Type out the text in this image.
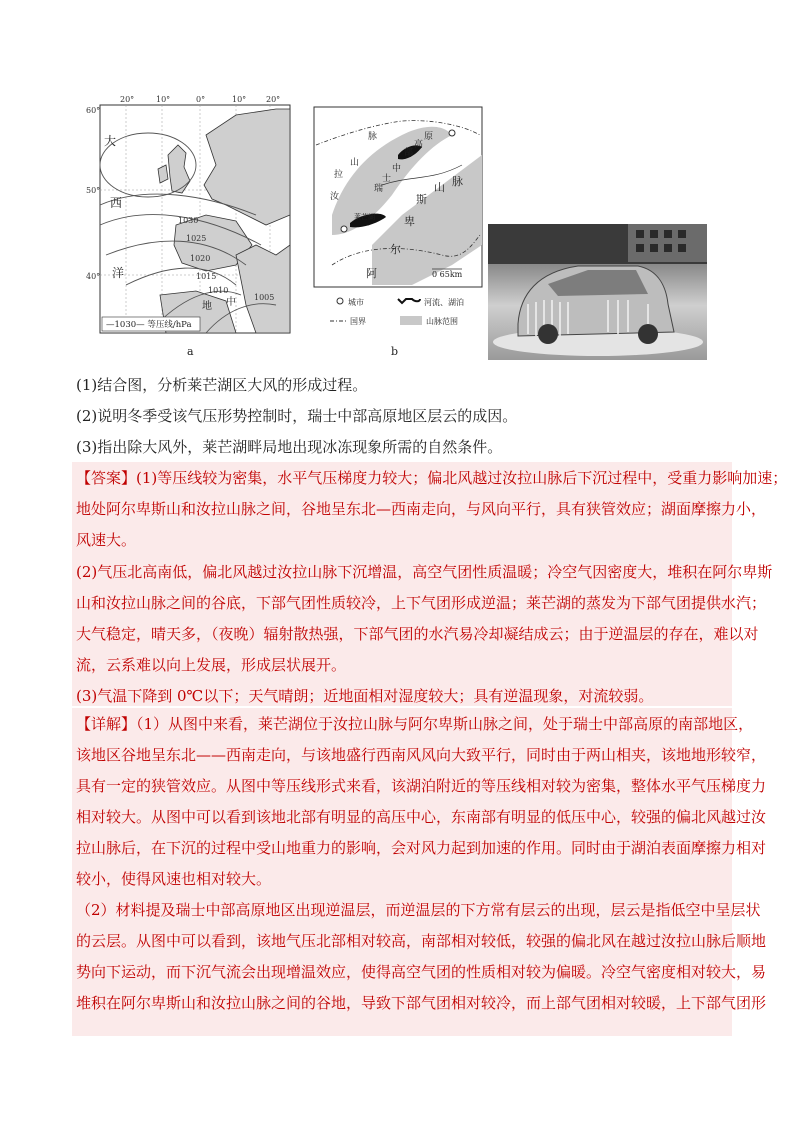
20°	10°	0°	10° 20°
60°
50°
40°
1030
1025
1020
1015
1010
1005
大
西
洋
地 中
—1030— 等压线/hPa
a
汝
拉
山
脉
瑞
士
中
部
高
原
阿
尔
卑
斯
山 脉
莱芒湖
0 65km
城市	河流、湖泊
国界	山脉范围
b
(1)结合图，分析莱芒湖区大风的形成过程。
(2)说明冬季受该气压形势控制时，瑞士中部高原地区层云的成因。
(3)指出除大风外，莱芒湖畔局地出现冰冻现象所需的自然条件。
【答案】(1)等压线较为密集，水平气压梯度力较大；偏北风越过汝拉山脉后下沉过程中，受重力影响加速；
地处阿尔卑斯山和汝拉山脉之间，谷地呈东北—西南走向，与风向平行，具有狭管效应；湖面摩擦力小，
风速大。
(2)气压北高南低，偏北风越过汝拉山脉下沉增温，高空气团性质温暖；冷空气因密度大，堆积在阿尔卑斯
山和汝拉山脉之间的谷底，下部气团性质较冷，上下气团形成逆温；莱芒湖的蒸发为下部气团提供水汽；
大气稳定，晴天多，（夜晚）辐射散热强，下部气团的水汽易冷却凝结成云；由于逆温层的存在，难以对
流，云系难以向上发展，形成层状展开。
(3)气温下降到 0℃以下；天气晴朗；近地面相对湿度较大；具有逆温现象，对流较弱。
【详解】（1）从图中来看，莱芒湖位于汝拉山脉与阿尔卑斯山脉之间，处于瑞士中部高原的南部地区，
该地区谷地呈东北——西南走向，与该地盛行西南风风向大致平行，同时由于两山相夹，该地地形较窄，
具有一定的狭管效应。从图中等压线形式来看，该湖泊附近的等压线相对较为密集，整体水平气压梯度力
相对较大。从图中可以看到该地北部有明显的高压中心，东南部有明显的低压中心，较强的偏北风越过汝
拉山脉后，在下沉的过程中受山地重力的影响，会对风力起到加速的作用。同时由于湖泊表面摩擦力相对
较小，使得风速也相对较大。
（2）材料提及瑞士中部高原地区出现逆温层，而逆温层的下方常有层云的出现，层云是指低空中呈层状
的云层。从图中可以看到，该地气压北部相对较高，南部相对较低，较强的偏北风在越过汝拉山脉后顺地
势向下运动，而下沉气流会出现增温效应，使得高空气团的性质相对较为偏暖。冷空气密度相对较大，易
堆积在阿尔卑斯山和汝拉山脉之间的谷地，导致下部气团相对较冷，而上部气团相对较暖，上下部气团形
